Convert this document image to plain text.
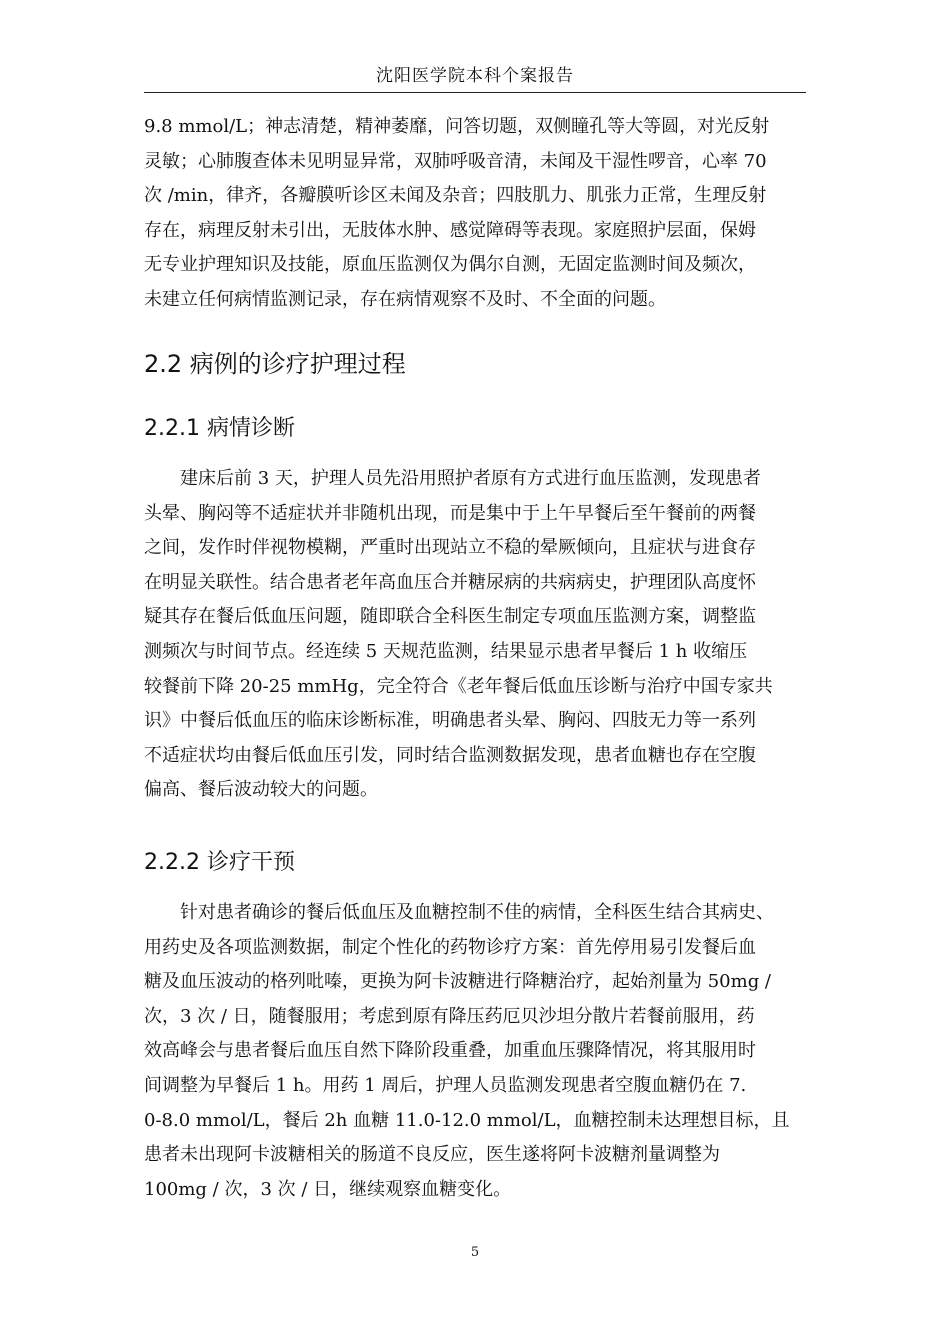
沈阳医学院本科个案报告
9.8 mmol/L；神志清楚，精神萎靡，问答切题，双侧瞳孔等大等圆，对光反射
灵敏；心肺腹查体未见明显异常，双肺呼吸音清，未闻及干湿性啰音，心率 70
次 /min，律齐，各瓣膜听诊区未闻及杂音；四肢肌力、肌张力正常，生理反射
存在，病理反射未引出，无肢体水肿、感觉障碍等表现。家庭照护层面，保姆
无专业护理知识及技能，原血压监测仅为偶尔自测，无固定监测时间及频次，
未建立任何病情监测记录，存在病情观察不及时、不全面的问题。
2.2 病例的诊疗护理过程
2.2.1 病情诊断
　　建床后前 3 天，护理人员先沿用照护者原有方式进行血压监测，发现患者
头晕、胸闷等不适症状并非随机出现，而是集中于上午早餐后至午餐前的两餐
之间，发作时伴视物模糊，严重时出现站立不稳的晕厥倾向，且症状与进食存
在明显关联性。结合患者老年高血压合并糖尿病的共病病史，护理团队高度怀
疑其存在餐后低血压问题，随即联合全科医生制定专项血压监测方案，调整监
测频次与时间节点。经连续 5 天规范监测，结果显示患者早餐后 1 h 收缩压
较餐前下降 20-25 mmHg，完全符合《老年餐后低血压诊断与治疗中国专家共
识》中餐后低血压的临床诊断标准，明确患者头晕、胸闷、四肢无力等一系列
不适症状均由餐后低血压引发，同时结合监测数据发现，患者血糖也存在空腹
偏高、餐后波动较大的问题。
2.2.2 诊疗干预
　　针对患者确诊的餐后低血压及血糖控制不佳的病情，全科医生结合其病史、
用药史及各项监测数据，制定个性化的药物诊疗方案：首先停用易引发餐后血
糖及血压波动的格列吡嗪，更换为阿卡波糖进行降糖治疗，起始剂量为 50mg /
次，3 次 / 日，随餐服用；考虑到原有降压药厄贝沙坦分散片若餐前服用，药
效高峰会与患者餐后血压自然下降阶段重叠，加重血压骤降情况，将其服用时
间调整为早餐后 1 h。用药 1 周后，护理人员监测发现患者空腹血糖仍在 7.
0-8.0 mmol/L，餐后 2h 血糖 11.0-12.0 mmol/L，血糖控制未达理想目标，且
患者未出现阿卡波糖相关的肠道不良反应，医生遂将阿卡波糖剂量调整为
100mg / 次，3 次 / 日，继续观察血糖变化。
5
